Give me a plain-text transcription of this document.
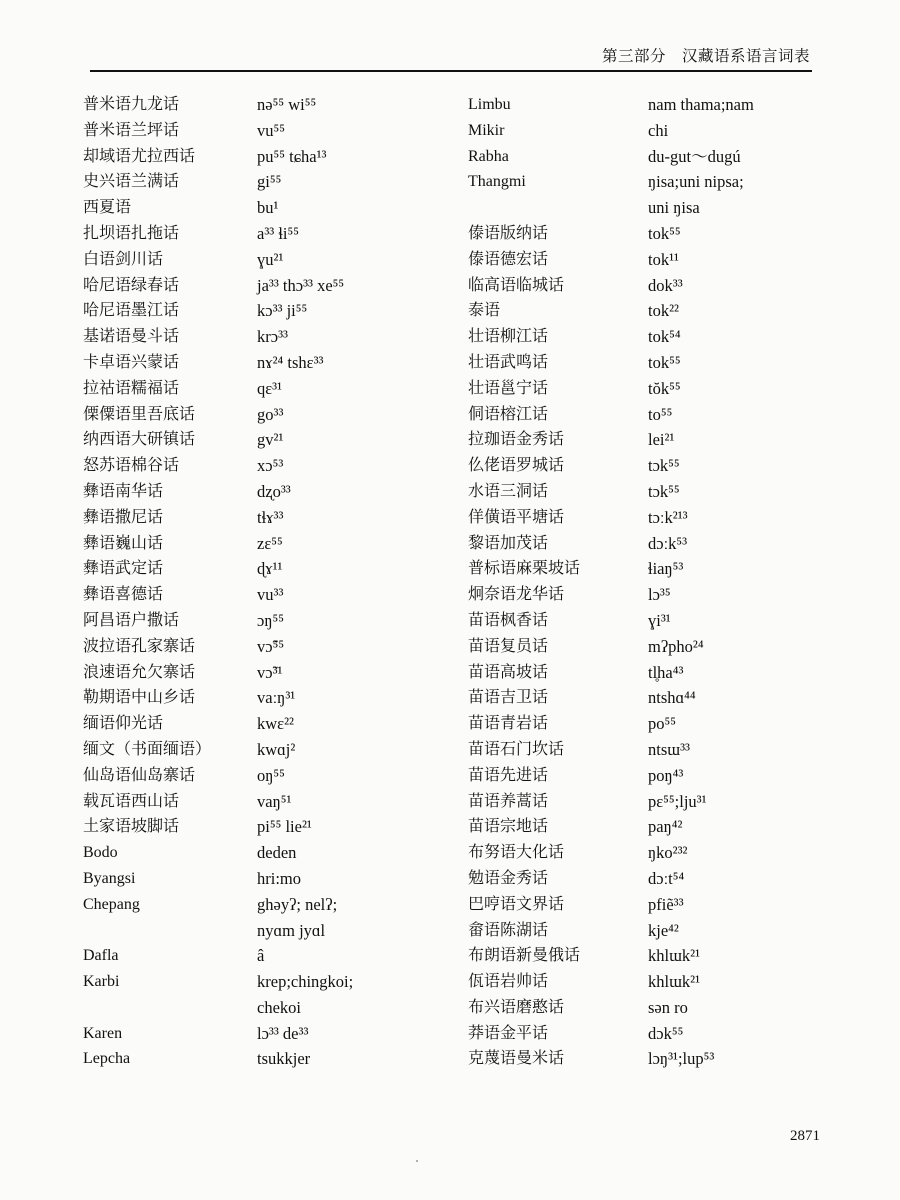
第三部分　汉藏语系语言词表
普米语九龙话	nə⁵⁵ wi⁵⁵
普米语兰坪话	vu⁵⁵
却域语尤拉西话	pu⁵⁵ tɕha¹³
史兴语兰满话	gi⁵⁵
西夏语	bu¹
扎坝语扎拖话	a³³ ɬi⁵⁵
白语剑川话	ɣu²¹
哈尼语绿春话	ja³³ thɔ³³ xe⁵⁵
哈尼语墨江话	kɔ³³ ji⁵⁵
基诺语曼斗话	krɔ³³
卡卓语兴蒙话	nɤ²⁴ tshɛ³³
拉祜语糯福话	qɛ³¹
傈僳语里吾底话	go³³
纳西语大研镇话	gv²¹
怒苏语棉谷话	xɔ⁵³
彝语南华话	dʐo³³
彝语撒尼话	tɬɤ³³
彝语巍山话	zɛ⁵⁵
彝语武定话	ɖɤ¹¹
彝语喜德话	vu³³
阿昌语户撒话	ɔŋ⁵⁵
波拉语孔家寨话	vɔ̃⁵⁵
浪速语允欠寨话	vɔ̃³¹
勒期语中山乡话	vaːŋ³¹
缅语仰光话	kwɛ²²
缅文（书面缅语）	kwɑj²
仙岛语仙岛寨话	oŋ⁵⁵
载瓦语西山话	vaŋ⁵¹
土家语坡脚话	pi⁵⁵ lie²¹
Bodo	deden
Byangsi	hri:mo
Chepang	ghəyʔ; nelʔ;
nyɑm jyɑl
Dafla	â
Karbi	krep;chingkoi;
chekoi
Karen	lɔ³³ de³³
Lepcha	tsukkjer
Limbu	nam thama;nam
Mikir	chi
Rabha	du-gut～dugú
Thangmi	ŋisa;uni nipsa;
uni ŋisa
傣语版纳话	tok⁵⁵
傣语德宏话	tok¹¹
临高语临城话	dok³³
泰语	tok²²
壮语柳江话	tok⁵⁴
壮语武鸣话	tok⁵⁵
壮语邕宁话	tŏk⁵⁵
侗语榕江话	to⁵⁵
拉珈语金秀话	lei²¹
仫佬语罗城话	tɔk⁵⁵
水语三洞话	tɔk⁵⁵
佯僙语平塘话	tɔːk²¹³
黎语加茂话	dɔːk⁵³
普标语麻栗坡话	ɬiaŋ⁵³
炯奈语龙华话	lɔ³⁵
苗语枫香话	ɣi³¹
苗语复员话	mʔpho²⁴
苗语高坡话	tl̥ha⁴³
苗语吉卫话	ntshɑ⁴⁴
苗语青岩话	po⁵⁵
苗语石门坎话	ntsɯ³³
苗语先进话	poŋ⁴³
苗语养蒿话	pɛ⁵⁵;lju³¹
苗语宗地话	paŋ⁴²
布努语大化话	ŋko²³²
勉语金秀话	dɔːt⁵⁴
巴哼语文界话	pfiẽ³³
畲语陈湖话	kje⁴²
布朗语新曼俄话	khlɯk²¹
佤语岩帅话	khlɯk²¹
布兴语磨憨话	sən ro
莽语金平话	dɔk⁵⁵
克蔑语曼米话	lɔŋ³¹;lup⁵³
2871
